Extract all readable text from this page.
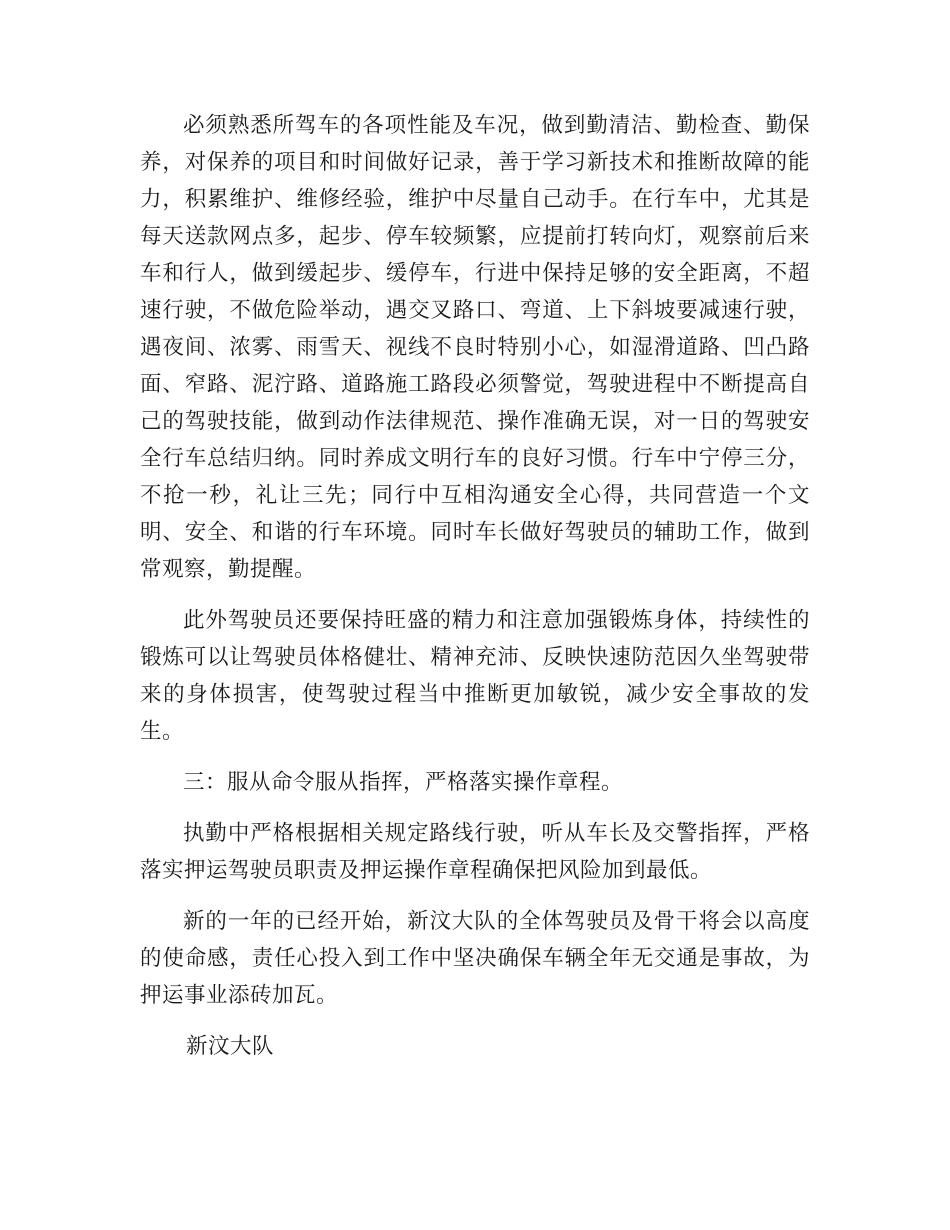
必须熟悉所驾车的各项性能及车况，做到勤清洁、勤检查、勤保养，对保养的项目和时间做好记录，善于学习新技术和推断故障的能力，积累维护、维修经验，维护中尽量自己动手。在行车中，尤其是每天送款网点多，起步、停车较频繁，应提前打转向灯，观察前后来车和行人，做到缓起步、缓停车，行进中保持足够的安全距离，不超速行驶，不做危险举动，遇交叉路口、弯道、上下斜坡要减速行驶，遇夜间、浓雾、雨雪天、视线不良时特别小心，如湿滑道路、凹凸路面、窄路、泥泞路、道路施工路段必须警觉，驾驶进程中不断提高自己的驾驶技能，做到动作法律规范、操作准确无误，对一日的驾驶安全行车总结归纳。同时养成文明行车的良好习惯。行车中宁停三分，不抢一秒，礼让三先；同行中互相沟通安全心得，共同营造一个文明、安全、和谐的行车环境。同时车长做好驾驶员的辅助工作，做到常观察，勤提醒。

此外驾驶员还要保持旺盛的精力和注意加强锻炼身体，持续性的锻炼可以让驾驶员体格健壮、精神充沛、反映快速防范因久坐驾驶带来的身体损害，使驾驶过程当中推断更加敏锐，减少安全事故的发生。

三：服从命令服从指挥，严格落实操作章程。

执勤中严格根据相关规定路线行驶，听从车长及交警指挥，严格落实押运驾驶员职责及押运操作章程确保把风险加到最低。

新的一年的已经开始，新汶大队的全体驾驶员及骨干将会以高度的使命感，责任心投入到工作中坚决确保车辆全年无交通是事故，为押运事业添砖加瓦。

新汶大队
